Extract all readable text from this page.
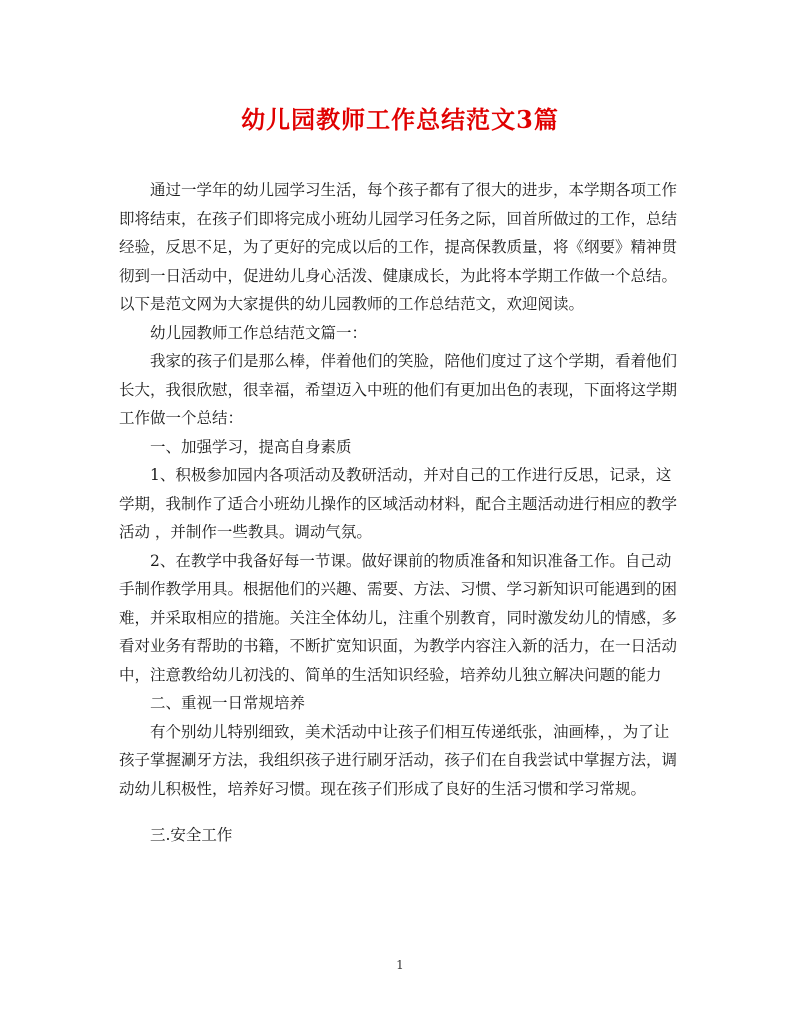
幼儿园教师工作总结范文3篇

通过一学年的幼儿园学习生活，每个孩子都有了很大的进步，本学期各项工作即将结束，在孩子们即将完成小班幼儿园学习任务之际，回首所做过的工作，总结经验，反思不足，为了更好的完成以后的工作，提高保教质量，将《纲要》精神贯彻到一日活动中，促进幼儿身心活泼、健康成长，为此将本学期工作做一个总结。以下是范文网为大家提供的幼儿园教师的工作总结范文，欢迎阅读。

幼儿园教师工作总结范文篇一：

我家的孩子们是那么棒，伴着他们的笑脸，陪他们度过了这个学期，看着他们长大，我很欣慰，很幸福，希望迈入中班的他们有更加出色的表现，下面将这学期工作做一个总结：

一、加强学习，提高自身素质

1、积极参加园内各项活动及教研活动，并对自己的工作进行反思，记录，这学期，我制作了适合小班幼儿操作的区域活动材料，配合主题活动进行相应的教学活动 ，并制作一些教具。调动气氛。

2、在教学中我备好每一节课。做好课前的物质准备和知识准备工作。自己动手制作教学用具。根据他们的兴趣、需要、方法、习惯、学习新知识可能遇到的困难，并采取相应的措施。关注全体幼儿，注重个别教育，同时激发幼儿的情感，多看对业务有帮助的书籍，不断扩宽知识面，为教学内容注入新的活力，在一日活动中，注意教给幼儿初浅的、简单的生活知识经验，培养幼儿独立解决问题的能力

二、重视一日常规培养

有个别幼儿特别细致，美术活动中让孩子们相互传递纸张，油画棒，，为了让孩子掌握涮牙方法，我组织孩子进行刷牙活动，孩子们在自我尝试中掌握方法，调动幼儿积极性，培养好习惯。现在孩子们形成了良好的生活习惯和学习常规。

三.安全工作

1
